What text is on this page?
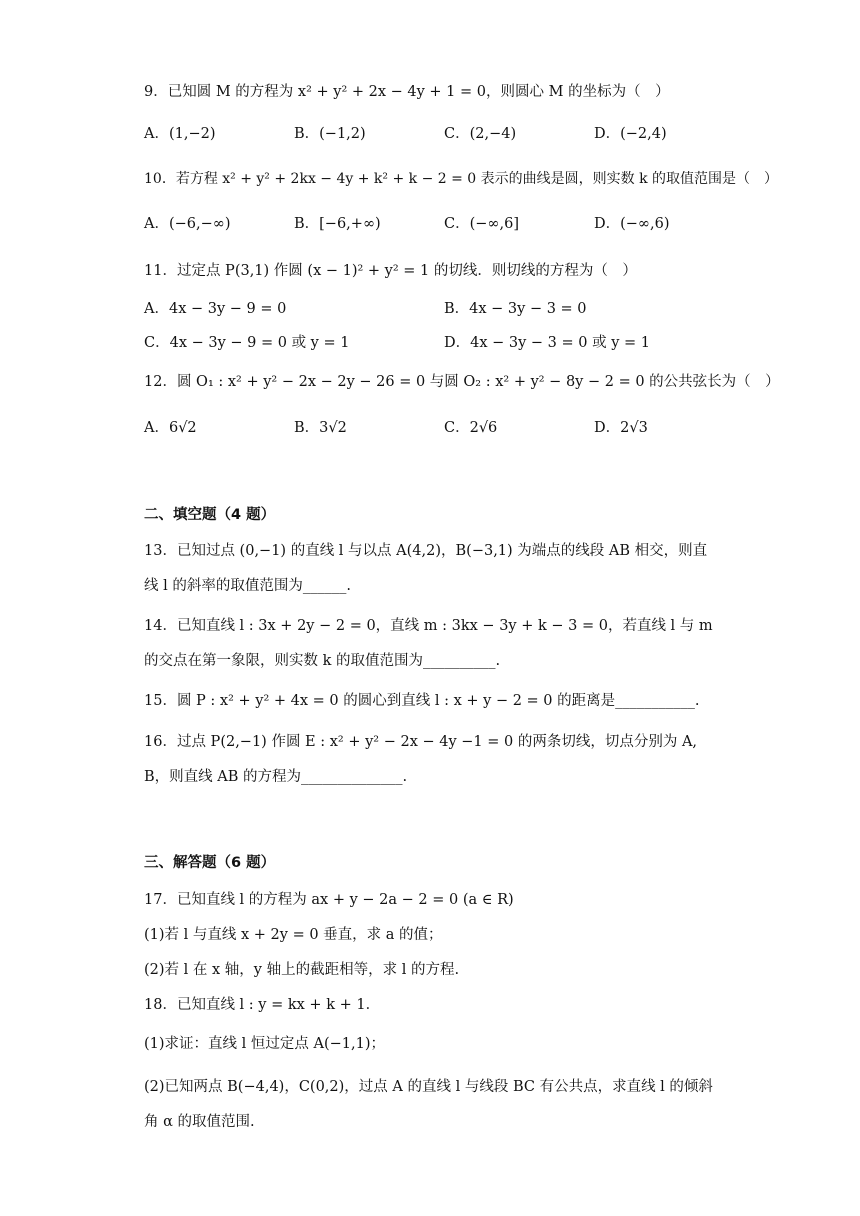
9．已知圆 M 的方程为 x² + y² + 2x − 4y + 1 = 0，则圆心 M 的坐标为（　）
A．(1,−2)	B．(−1,2)	C．(2,−4)	D．(−2,4)
10．若方程 x² + y² + 2kx − 4y + k² + k − 2 = 0 表示的曲线是圆，则实数 k 的取值范围是（　）
A．(−6,−∞)	B．[−6,+∞)	C．(−∞,6]	D．(−∞,6)
11．过定点 P(3,1) 作圆 (x − 1)² + y² = 1 的切线．则切线的方程为（　）
A．4x − 3y − 9 = 0	B．4x − 3y − 3 = 0
C．4x − 3y − 9 = 0 或 y = 1	D．4x − 3y − 3 = 0 或 y = 1
12．圆 O₁ : x² + y² − 2x − 2y − 26 = 0 与圆 O₂ : x² + y² − 8y − 2 = 0 的公共弦长为（　）
A．6√2	B．3√2	C．2√6	D．2√3
二、填空题（4 题）
13．已知过点 (0,−1) 的直线 l 与以点 A(4,2)，B(−3,1) 为端点的线段 AB 相交，则直线 l 的斜率的取值范围为______.
14．已知直线 l : 3x + 2y − 2 = 0，直线 m : 3kx − 3y + k − 3 = 0，若直线 l 与 m 的交点在第一象限，则实数 k 的取值范围为__________.
15．圆 P : x² + y² + 4x = 0 的圆心到直线 l : x + y − 2 = 0 的距离是___________.
16．过点 P(2,−1) 作圆 E : x² + y² − 2x − 4y −1 = 0 的两条切线，切点分别为 A, B，则直线 AB 的方程为______________.
三、解答题（6 题）
17．已知直线 l 的方程为 ax + y − 2a − 2 = 0 (a ∈ R)
(1)若 l 与直线 x + 2y = 0 垂直，求 a 的值；
(2)若 l 在 x 轴，y 轴上的截距相等，求 l 的方程.
18．已知直线 l : y = kx + k + 1．
(1)求证：直线 l 恒过定点 A(−1,1)；
(2)已知两点 B(−4,4)，C(0,2)，过点 A 的直线 l 与线段 BC 有公共点，求直线 l 的倾斜角 α 的取值范围.
